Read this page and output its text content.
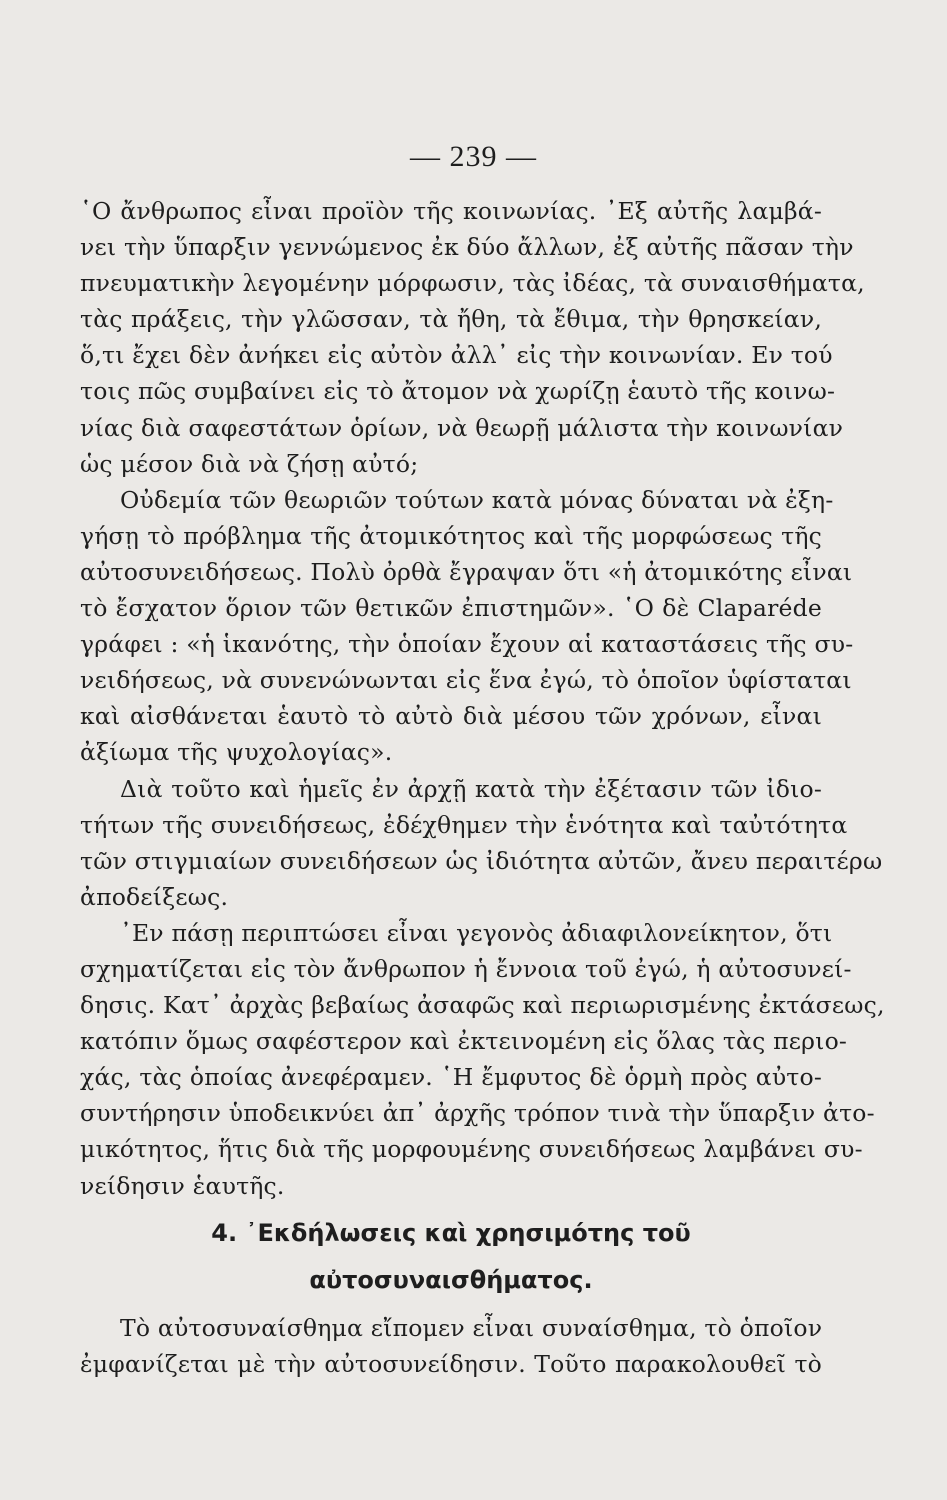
— 239 —
῾Ο ἄνθρωπος εἶναι προϊὸν τῆς κοινωνίας. ᾿Εξ αὐτῆς λαμβά-
νει τὴν ὕπαρξιν γεννώμενος ἐκ δύο ἄλλων, ἐξ αὐτῆς πᾶσαν τὴν
πνευματικὴν λεγομένην μόρφωσιν, τὰς ἰδέας, τὰ συναισθήματα,
τὰς πράξεις, τὴν γλῶσσαν, τὰ ἤθη, τὰ ἔθιμα, τὴν θρησκείαν,
ὅ,τι ἔχει δὲν ἀνήκει εἰς αὐτὸν ἀλλ᾿ εἰς τὴν κοινωνίαν. Εν τού
τοις πῶς συμβαίνει εἰς τὸ ἄτομον νὰ χωρίζῃ ἑαυτὸ τῆς κοινω-
νίας διὰ σαφεστάτων ὁρίων, νὰ θεωρῇ μάλιστα τὴν κοινωνίαν
ὡς μέσον διὰ νὰ ζήσῃ αὐτό;
Οὐδεμία τῶν θεωριῶν τούτων κατὰ μόνας δύναται νὰ ἐξη-
γήσῃ τὸ πρόβλημα τῆς ἀτομικότητος καὶ τῆς μορφώσεως τῆς
αὐτοσυνειδήσεως. Πολὺ ὀρθὰ ἔγραψαν ὅτι «ἡ ἀτομικότης εἶναι
τὸ ἔσχατον ὅριον τῶν θετικῶν ἐπιστημῶν». ῾Ο δὲ Claparéde
γράφει : «ἡ ἱκανότης, τὴν ὁποίαν ἔχουν αἱ καταστάσεις τῆς συ-
νειδήσεως, νὰ συνενώνωνται εἰς ἕνα ἐγώ, τὸ ὁποῖον ὑφίσταται
καὶ αἰσθάνεται ἑαυτὸ τὸ αὐτὸ διὰ μέσου τῶν χρόνων, εἶναι
ἀξίωμα τῆς ψυχολογίας».
Διὰ τοῦτο καὶ ἡμεῖς ἐν ἀρχῇ κατὰ τὴν ἐξέτασιν τῶν ἰδιο-
τήτων τῆς συνειδήσεως, ἐδέχθημεν τὴν ἑνότητα καὶ ταὐτότητα
τῶν στιγμιαίων συνειδήσεων ὡς ἰδιότητα αὐτῶν, ἄνευ περαιτέρω
ἀποδείξεως.
᾿Εν πάσῃ περιπτώσει εἶναι γεγονὸς ἀδιαφιλονείκητον, ὅτι
σχηματίζεται εἰς τὸν ἄνθρωπον ἡ ἔννοια τοῦ ἐγώ, ἡ αὐτοσυνεί-
δησις. Κατ᾿ ἀρχὰς βεβαίως ἀσαφῶς καὶ περιωρισμένης ἐκτάσεως,
κατόπιν ὅμως σαφέστερον καὶ ἐκτεινομένη εἰς ὅλας τὰς περιο-
χάς, τὰς ὁποίας ἀνεφέραμεν. ῾Η ἔμφυτος δὲ ὁρμὴ πρὸς αὐτο-
συντήρησιν ὑποδεικνύει ἀπ᾿ ἀρχῆς τρόπον τινὰ τὴν ὕπαρξιν ἀτο-
μικότητος, ἥτις διὰ τῆς μορφουμένης συνειδήσεως λαμβάνει συ-
νείδησιν ἑαυτῆς.
4. ᾿Εκδήλωσεις καὶ χρησιμότης τοῦ
αὐτοσυναισθήματος.
Τὸ αὐτοσυναίσθημα εἴπομεν εἶναι συναίσθημα, τὸ ὁποῖον
ἐμφανίζεται μὲ τὴν αὐτοσυνείδησιν. Τοῦτο παρακολουθεῖ τὸ
